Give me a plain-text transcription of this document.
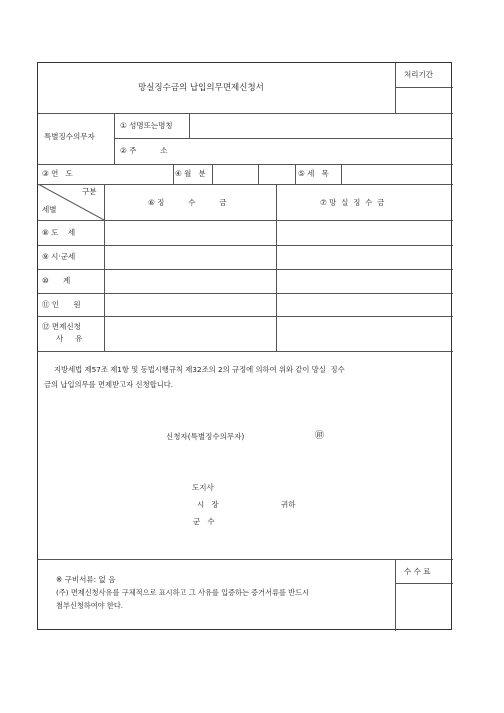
망실징수금의 납입의무면제신청서
처리기간
특별징수의무자
① 성명또는명칭
② 주          소
③ 연   도	④ 월   분	⑤ 세   목
구분
세별
⑥ 징          수          금	⑦ 망  실  징  수  금
⑧ 도    세
⑨ 시·군세
⑩      계
⑪ 인      원
⑫ 면제신청
사     유
지방세법 제57조 제1항 및 동법시행규칙 제32조의 2의 규정에 의하여 위와 같이 망실  징수
금의 납입의무를 면제받고자 신청합니다.
신청자(특별징수의무자)	㊞
도지사
시   장	귀하
군   수
수 수 료
※ 구비서류: 없 음
(주) 면제신청사유를 구체적으로 표시하고 그 사유를 입증하는 증거서류를 반드시
첨부신청하여야 한다.
